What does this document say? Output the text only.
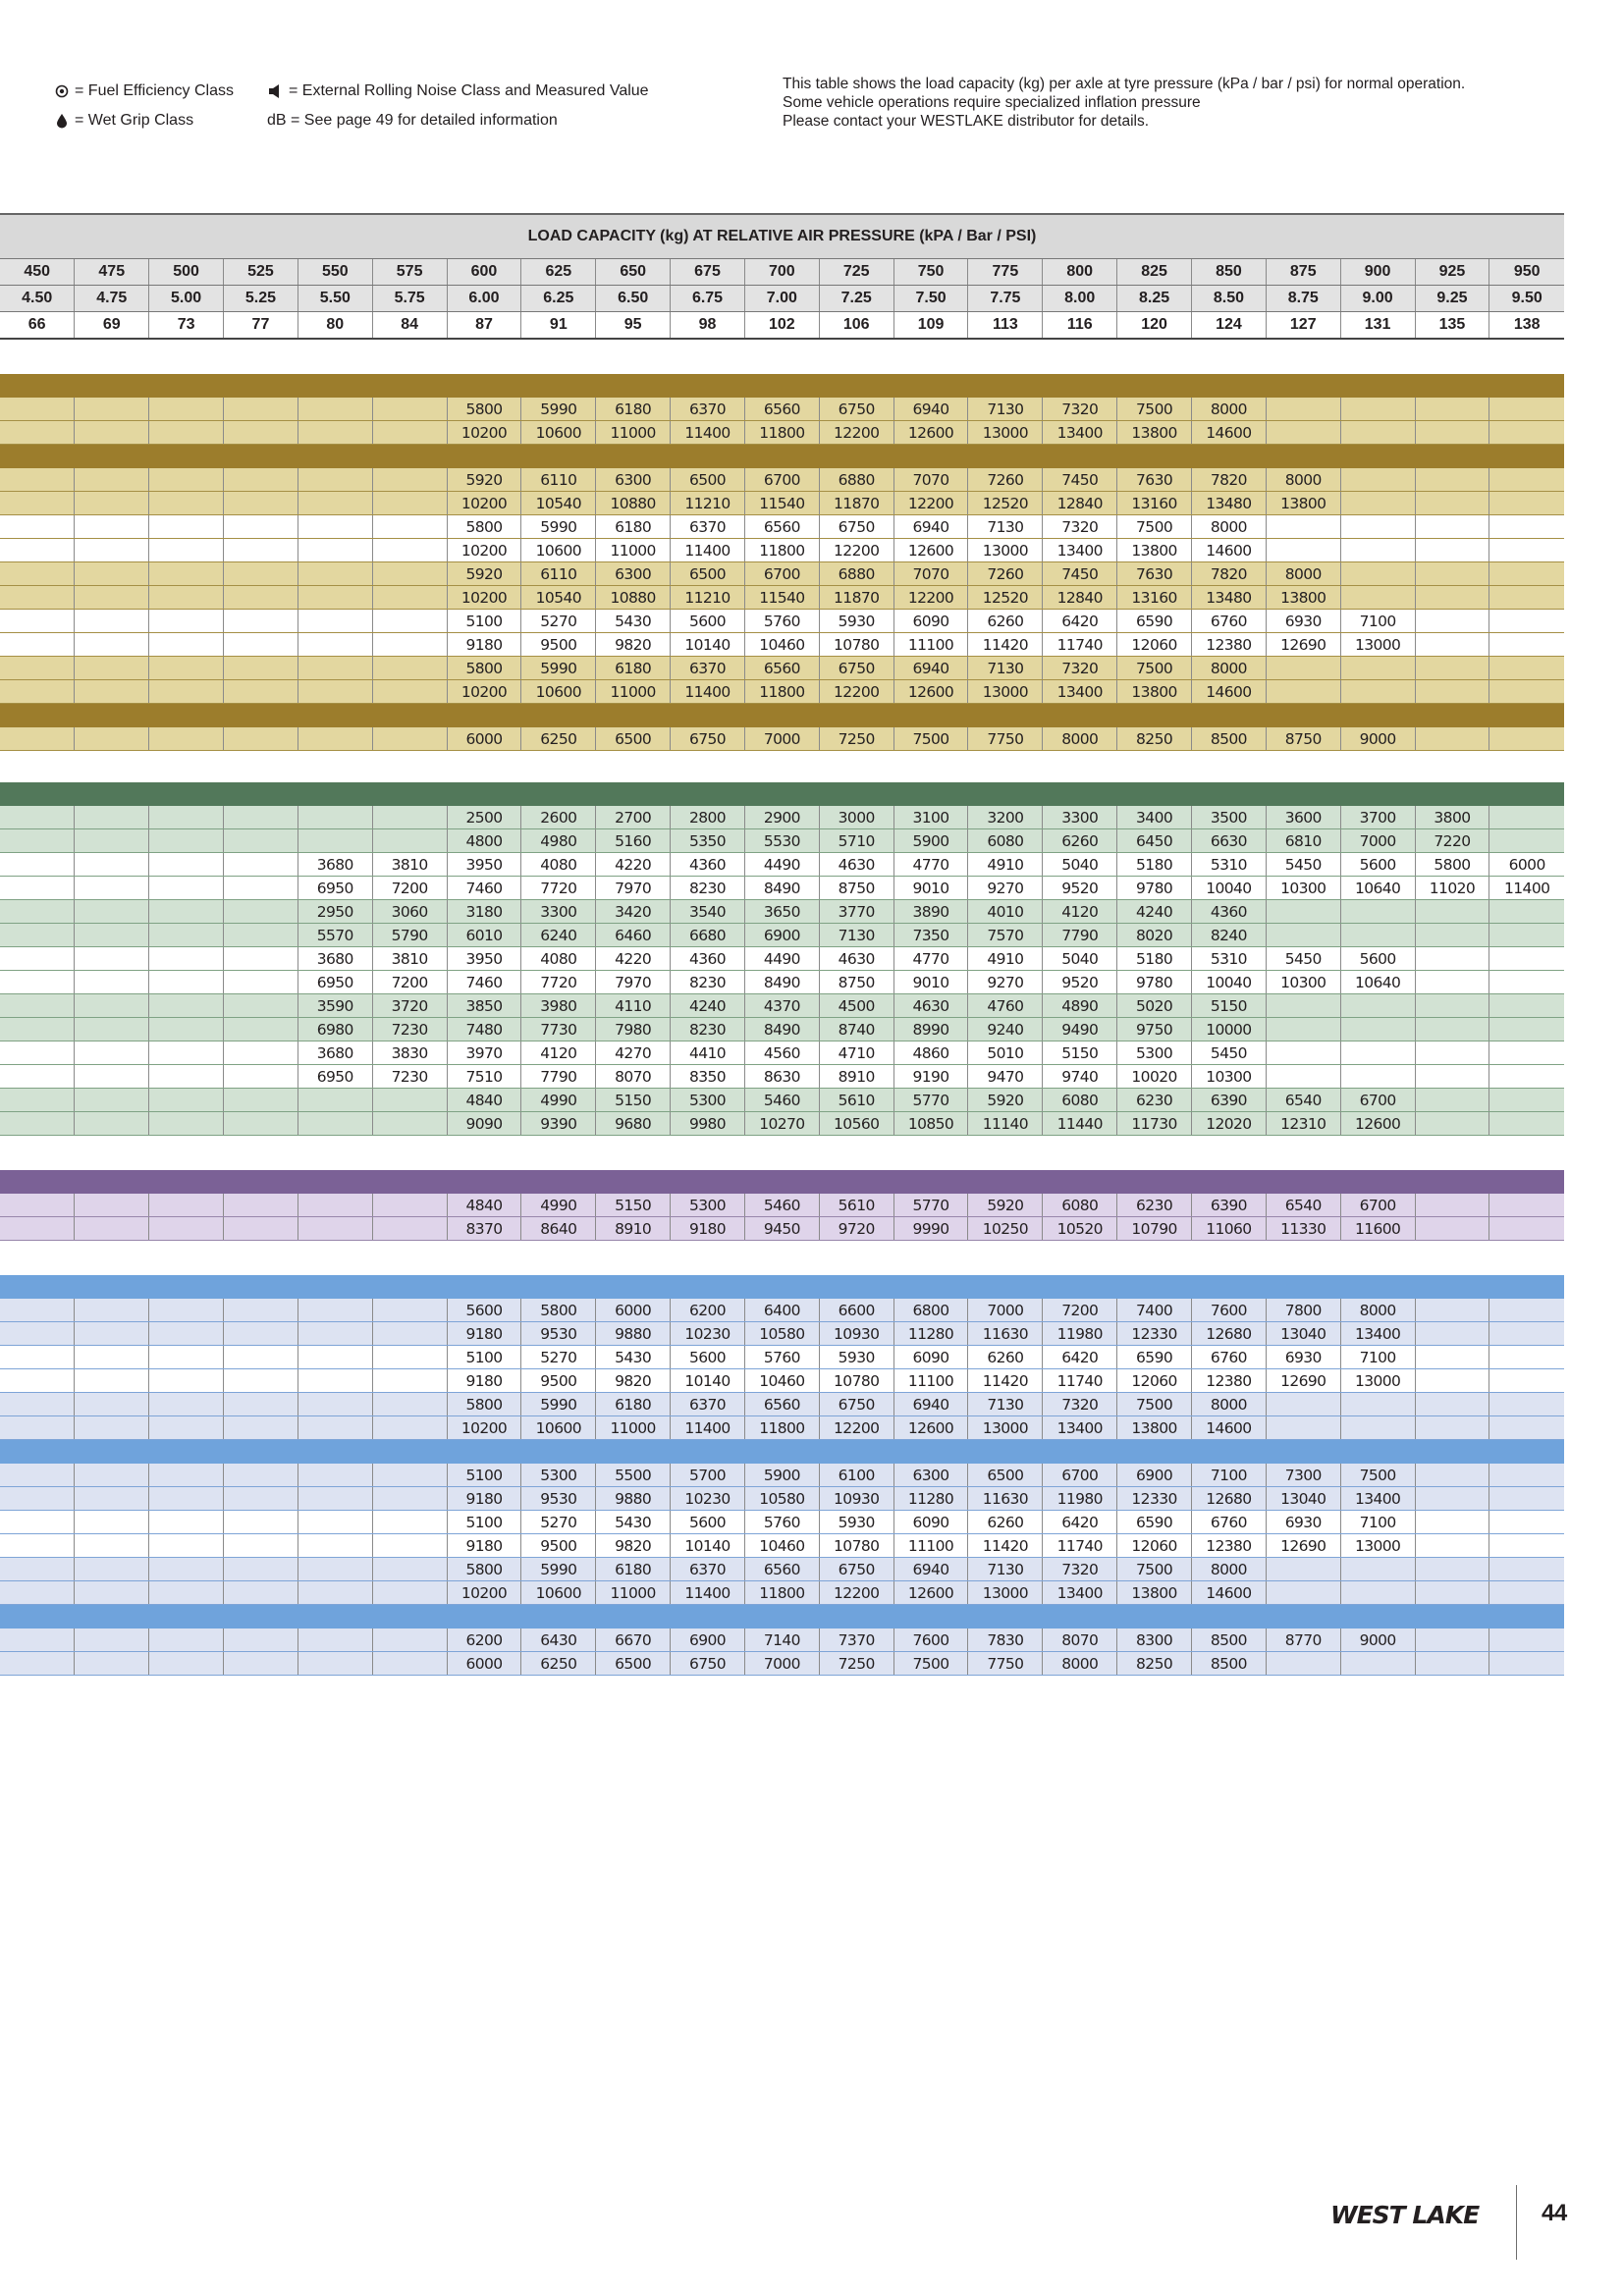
= Fuel Efficiency Class
= Wet Grip Class
= External Rolling Noise Class and Measured Value
dB = See page 49 for detailed information
This table shows the load capacity (kg) per axle at tyre pressure (kPa / bar / psi) for normal operation.
Some vehicle operations require specialized inflation pressure
Please contact your WESTLAKE distributor for details.
LOAD CAPACITY (kg) AT RELATIVE AIR PRESSURE (kPA / Bar / PSI)																				
450	475	500	525	550	575	600	625	650	675	700	725	750	775	800	825	850	875	900	925	950
4.50	4.75	5.00	5.25	5.50	5.75	6.00	6.25	6.50	6.75	7.00	7.25	7.50	7.75	8.00	8.25	8.50	8.75	9.00	9.25	9.50
66	69	73	77	80	84	87	91	95	98	102	106	109	113	116	120	124	127	131	135	138

						5800	5990	6180	6370	6560	6750	6940	7130	7320	7500	8000				
						10200	10600	11000	11400	11800	12200	12600	13000	13400	13800	14600				

						5920	6110	6300	6500	6700	6880	7070	7260	7450	7630	7820	8000			
						10200	10540	10880	11210	11540	11870	12200	12520	12840	13160	13480	13800			
						5800	5990	6180	6370	6560	6750	6940	7130	7320	7500	8000				
						10200	10600	11000	11400	11800	12200	12600	13000	13400	13800	14600				
						5920	6110	6300	6500	6700	6880	7070	7260	7450	7630	7820	8000			
						10200	10540	10880	11210	11540	11870	12200	12520	12840	13160	13480	13800			
						5100	5270	5430	5600	5760	5930	6090	6260	6420	6590	6760	6930	7100		
						9180	9500	9820	10140	10460	10780	11100	11420	11740	12060	12380	12690	13000		
						5800	5990	6180	6370	6560	6750	6940	7130	7320	7500	8000				
						10200	10600	11000	11400	11800	12200	12600	13000	13400	13800	14600				

						6000	6250	6500	6750	7000	7250	7500	7750	8000	8250	8500	8750	9000		

						2500	2600	2700	2800	2900	3000	3100	3200	3300	3400	3500	3600	3700	3800	
						4800	4980	5160	5350	5530	5710	5900	6080	6260	6450	6630	6810	7000	7220	
				3680	3810	3950	4080	4220	4360	4490	4630	4770	4910	5040	5180	5310	5450	5600	5800	6000
				6950	7200	7460	7720	7970	8230	8490	8750	9010	9270	9520	9780	10040	10300	10640	11020	11400
				2950	3060	3180	3300	3420	3540	3650	3770	3890	4010	4120	4240	4360				
				5570	5790	6010	6240	6460	6680	6900	7130	7350	7570	7790	8020	8240				
				3680	3810	3950	4080	4220	4360	4490	4630	4770	4910	5040	5180	5310	5450	5600		
				6950	7200	7460	7720	7970	8230	8490	8750	9010	9270	9520	9780	10040	10300	10640		
				3590	3720	3850	3980	4110	4240	4370	4500	4630	4760	4890	5020	5150				
				6980	7230	7480	7730	7980	8230	8490	8740	8990	9240	9490	9750	10000				
				3680	3830	3970	4120	4270	4410	4560	4710	4860	5010	5150	5300	5450				
				6950	7230	7510	7790	8070	8350	8630	8910	9190	9470	9740	10020	10300				
						4840	4990	5150	5300	5460	5610	5770	5920	6080	6230	6390	6540	6700		
						9090	9390	9680	9980	10270	10560	10850	11140	11440	11730	12020	12310	12600		

						4840	4990	5150	5300	5460	5610	5770	5920	6080	6230	6390	6540	6700		
						8370	8640	8910	9180	9450	9720	9990	10250	10520	10790	11060	11330	11600		

						5600	5800	6000	6200	6400	6600	6800	7000	7200	7400	7600	7800	8000		
						9180	9530	9880	10230	10580	10930	11280	11630	11980	12330	12680	13040	13400		
						5100	5270	5430	5600	5760	5930	6090	6260	6420	6590	6760	6930	7100		
						9180	9500	9820	10140	10460	10780	11100	11420	11740	12060	12380	12690	13000		
						5800	5990	6180	6370	6560	6750	6940	7130	7320	7500	8000				
						10200	10600	11000	11400	11800	12200	12600	13000	13400	13800	14600				

						5100	5300	5500	5700	5900	6100	6300	6500	6700	6900	7100	7300	7500		
						9180	9530	9880	10230	10580	10930	11280	11630	11980	12330	12680	13040	13400		
						5100	5270	5430	5600	5760	5930	6090	6260	6420	6590	6760	6930	7100		
						9180	9500	9820	10140	10460	10780	11100	11420	11740	12060	12380	12690	13000		
						5800	5990	6180	6370	6560	6750	6940	7130	7320	7500	8000				
						10200	10600	11000	11400	11800	12200	12600	13000	13400	13800	14600				

						6200	6430	6670	6900	7140	7370	7600	7830	8070	8300	8500	8770	9000		
						6000	6250	6500	6750	7000	7250	7500	7750	8000	8250	8500				
WEST LAKE	44
